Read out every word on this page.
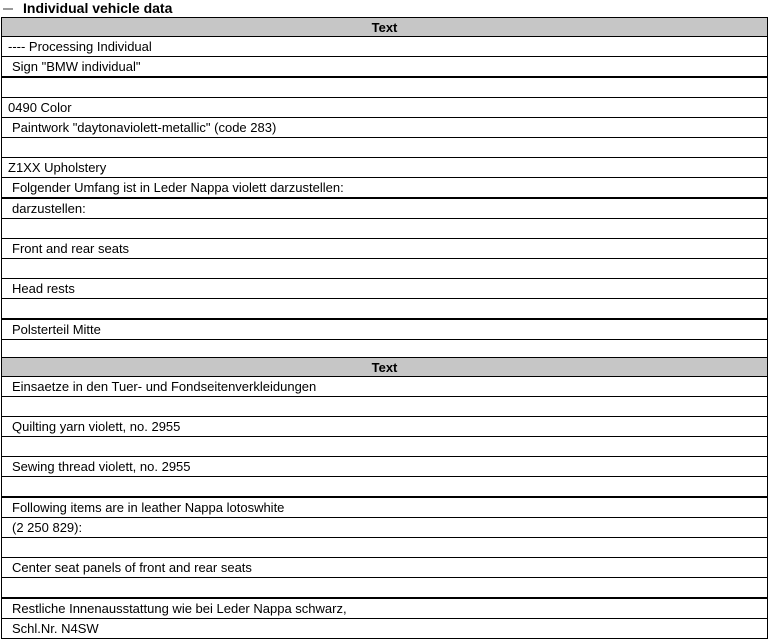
Individual vehicle data
Text
---- Processing Individual
Sign "BMW individual"

0490 Color
Paintwork "daytonaviolett-metallic" (code 283)

Z1XX Upholstery
Folgender Umfang ist in Leder Nappa violett darzustellen:
darzustellen:

Front and rear seats

Head rests

Polsterteil Mitte

Text
Einsaetze in den Tuer- und Fondseitenverkleidungen

Quilting yarn violett, no. 2955

Sewing thread violett, no. 2955

Following items are in leather Nappa lotoswhite
(2 250 829):

Center seat panels of front and rear seats

Restliche Innenausstattung wie bei Leder Nappa schwarz,
Schl.Nr. N4SW
